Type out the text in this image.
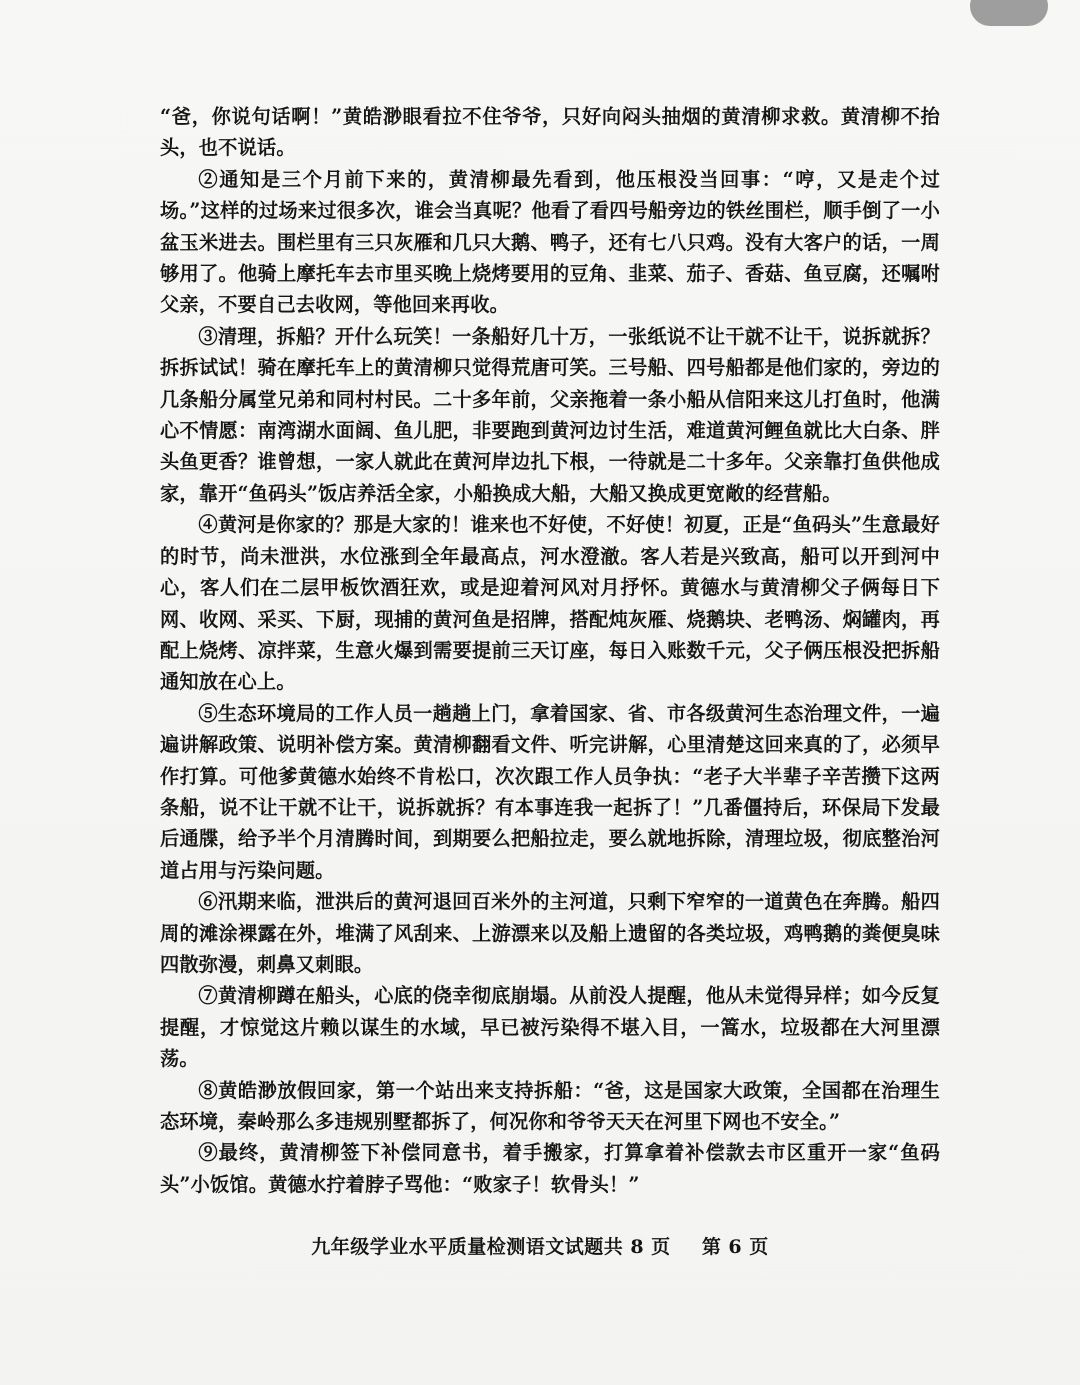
“爸，你说句话啊！”黄皓渺眼看拉不住爷爷，只好向闷头抽烟的黄清柳求救。黄清柳不抬头，也不说话。

②通知是三个月前下来的，黄清柳最先看到，他压根没当回事：“哼，又是走个过场。”这样的过场来过很多次，谁会当真呢？他看了看四号船旁边的铁丝围栏，顺手倒了一小盆玉米进去。围栏里有三只灰雁和几只大鹅、鸭子，还有七八只鸡。没有大客户的话，一周够用了。他骑上摩托车去市里买晚上烧烤要用的豆角、韭菜、茄子、香菇、鱼豆腐，还嘱咐父亲，不要自己去收网，等他回来再收。

③清理，拆船？开什么玩笑！一条船好几十万，一张纸说不让干就不让干，说拆就拆？拆拆试试！骑在摩托车上的黄清柳只觉得荒唐可笑。三号船、四号船都是他们家的，旁边的几条船分属堂兄弟和同村村民。二十多年前，父亲拖着一条小船从信阳来这儿打鱼时，他满心不情愿：南湾湖水面阔、鱼儿肥，非要跑到黄河边讨生活，难道黄河鲤鱼就比大白条、胖头鱼更香？谁曾想，一家人就此在黄河岸边扎下根，一待就是二十多年。父亲靠打鱼供他成家，靠开“鱼码头”饭店养活全家，小船换成大船，大船又换成更宽敞的经营船。

④黄河是你家的？那是大家的！谁来也不好使，不好使！初夏，正是“鱼码头”生意最好的时节，尚未泄洪，水位涨到全年最高点，河水澄澈。客人若是兴致高，船可以开到河中心，客人们在二层甲板饮酒狂欢，或是迎着河风对月抒怀。黄德水与黄清柳父子俩每日下网、收网、采买、下厨，现捕的黄河鱼是招牌，搭配炖灰雁、烧鹅块、老鸭汤、焖罐肉，再配上烧烤、凉拌菜，生意火爆到需要提前三天订座，每日入账数千元，父子俩压根没把拆船通知放在心上。

⑤生态环境局的工作人员一趟趟上门，拿着国家、省、市各级黄河生态治理文件，一遍遍讲解政策、说明补偿方案。黄清柳翻看文件、听完讲解，心里清楚这回来真的了，必须早作打算。可他爹黄德水始终不肯松口，次次跟工作人员争执：“老子大半辈子辛苦攒下这两条船，说不让干就不让干，说拆就拆？有本事连我一起拆了！”几番僵持后，环保局下发最后通牒，给予半个月清腾时间，到期要么把船拉走，要么就地拆除，清理垃圾，彻底整治河道占用与污染问题。

⑥汛期来临，泄洪后的黄河退回百米外的主河道，只剩下窄窄的一道黄色在奔腾。船四周的滩涂裸露在外，堆满了风刮来、上游漂来以及船上遗留的各类垃圾，鸡鸭鹅的粪便臭味四散弥漫，刺鼻又刺眼。

⑦黄清柳蹲在船头，心底的侥幸彻底崩塌。从前没人提醒，他从未觉得异样；如今反复提醒，才惊觉这片赖以谋生的水域，早已被污染得不堪入目，一篙水，垃圾都在大河里漂荡。

⑧黄皓渺放假回家，第一个站出来支持拆船：“爸，这是国家大政策，全国都在治理生态环境，秦岭那么多违规别墅都拆了，何况你和爷爷天天在河里下网也不安全。”

⑨最终，黄清柳签下补偿同意书，着手搬家，打算拿着补偿款去市区重开一家“鱼码头”小饭馆。黄德水拧着脖子骂他：“败家子！软骨头！”

九年级学业水平质量检测语文试题共 8 页 第 6 页
